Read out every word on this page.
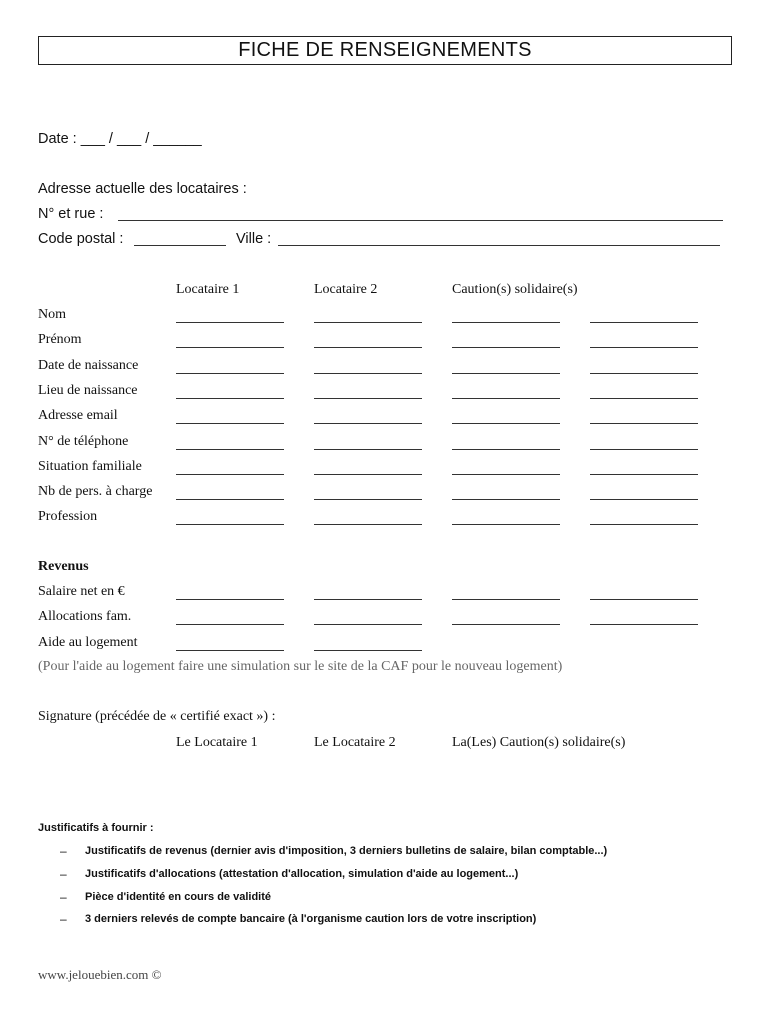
FICHE DE RENSEIGNEMENTS
Date : ___ / ___ / ______
Adresse actuelle des locataires :
N° et rue :
Code postal :	Ville :
Locataire 1	Locataire 2	Caution(s) solidaire(s)
Nom
Prénom
Date de naissance
Lieu de naissance
Adresse email
N° de téléphone
Situation familiale
Nb de pers. à charge
Profession
Revenus
Salaire net en €
Allocations fam.
Aide au logement
(Pour l'aide au logement faire une simulation sur le site de la CAF pour le nouveau logement)
Signature (précédée de « certifié exact ») :
Le Locataire 1	Le Locataire 2	La(Les) Caution(s) solidaire(s)
Justificatifs à fournir :
– Justificatifs de revenus (dernier avis d'imposition, 3 derniers bulletins de salaire, bilan comptable...)
– Justificatifs d'allocations (attestation d'allocation, simulation d'aide au logement...)
– Pièce d'identité en cours de validité
– 3 derniers relevés de compte bancaire (à l'organisme caution lors de votre inscription)
www.jelouebien.com ©
